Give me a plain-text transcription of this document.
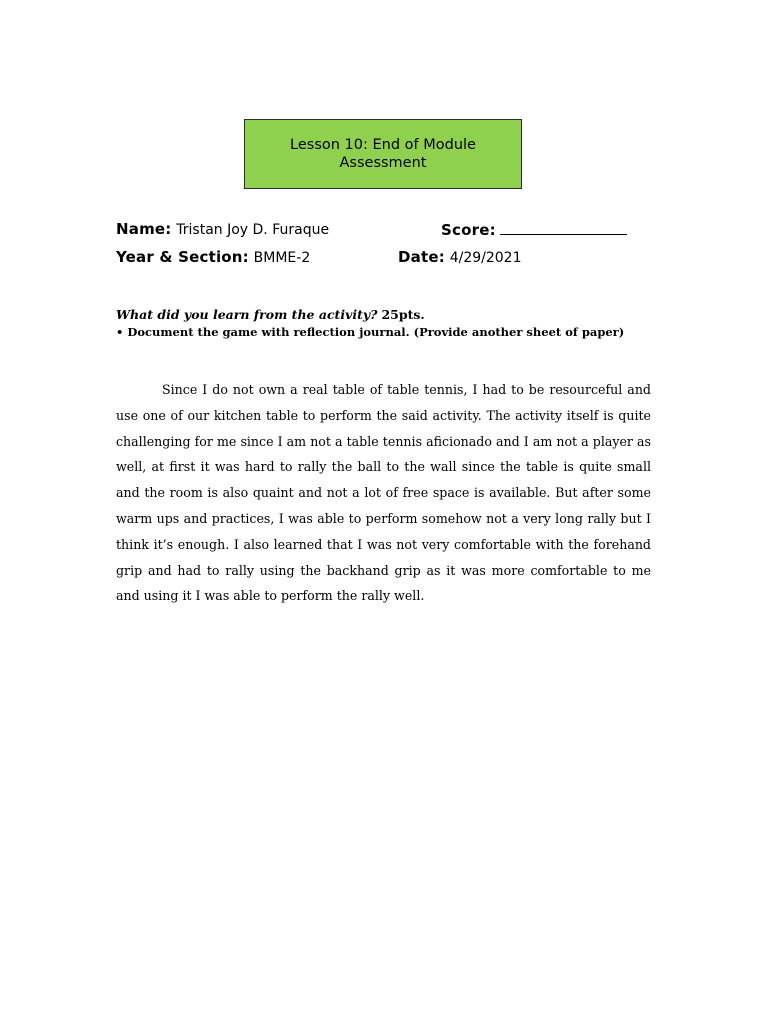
Lesson 10: End of Module
Assessment
Name: Tristan Joy D. Furaque	Score:
Year & Section: BMME-2	Date: 4/29/2021
What did you learn from the activity? 25pts.
• Document the game with reflection journal. (Provide another sheet of paper)

Since I do not own a real table of table tennis, I had to be resourceful and use one of our kitchen table to perform the said activity. The activity itself is quite challenging for me since I am not a table tennis aficionado and I am not a player as well, at first it was hard to rally the ball to the wall since the table is quite small and the room is also quaint and not a lot of free space is available. But after some warm ups and practices, I was able to perform somehow not a very long rally but I think it’s enough. I also learned that I was not very comfortable with the forehand grip and had to rally using the backhand grip as it was more comfortable to me and using it I was able to perform the rally well.
